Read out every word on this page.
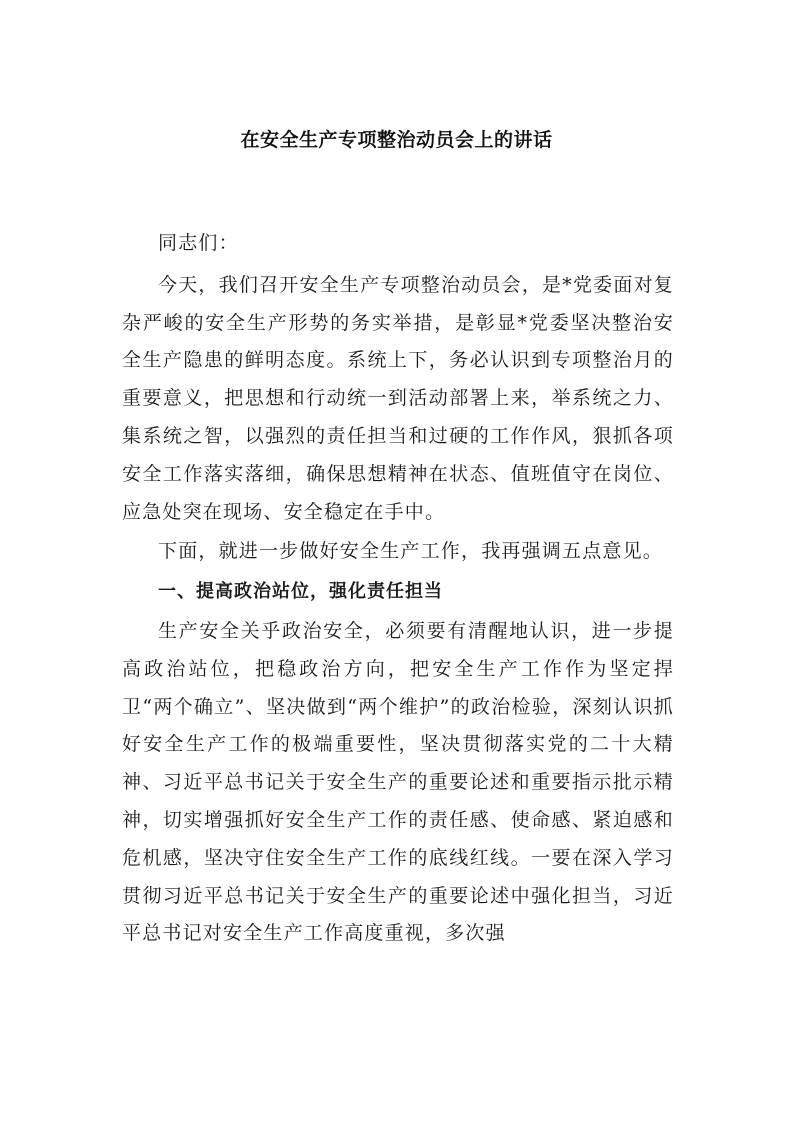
在安全生产专项整治动员会上的讲话

同志们：

今天，我们召开安全生产专项整治动员会，是*党委面对复杂严峻的安全生产形势的务实举措，是彰显*党委坚决整治安全生产隐患的鲜明态度。系统上下，务必认识到专项整治月的重要意义，把思想和行动统一到活动部署上来，举系统之力、集系统之智，以强烈的责任担当和过硬的工作作风，狠抓各项安全工作落实落细，确保思想精神在状态、值班值守在岗位、应急处突在现场、安全稳定在手中。

下面，就进一步做好安全生产工作，我再强调五点意见。

一、提高政治站位，强化责任担当

生产安全关乎政治安全，必须要有清醒地认识，进一步提高政治站位，把稳政治方向，把安全生产工作作为坚定捍卫“两个确立”、坚决做到“两个维护”的政治检验，深刻认识抓好安全生产工作的极端重要性，坚决贯彻落实党的二十大精神、习近平总书记关于安全生产的重要论述和重要指示批示精神，切实增强抓好安全生产工作的责任感、使命感、紧迫感和危机感，坚决守住安全生产工作的底线红线。一要在深入学习贯彻习近平总书记关于安全生产的重要论述中强化担当，习近平总书记对安全生产工作高度重视，多次强
